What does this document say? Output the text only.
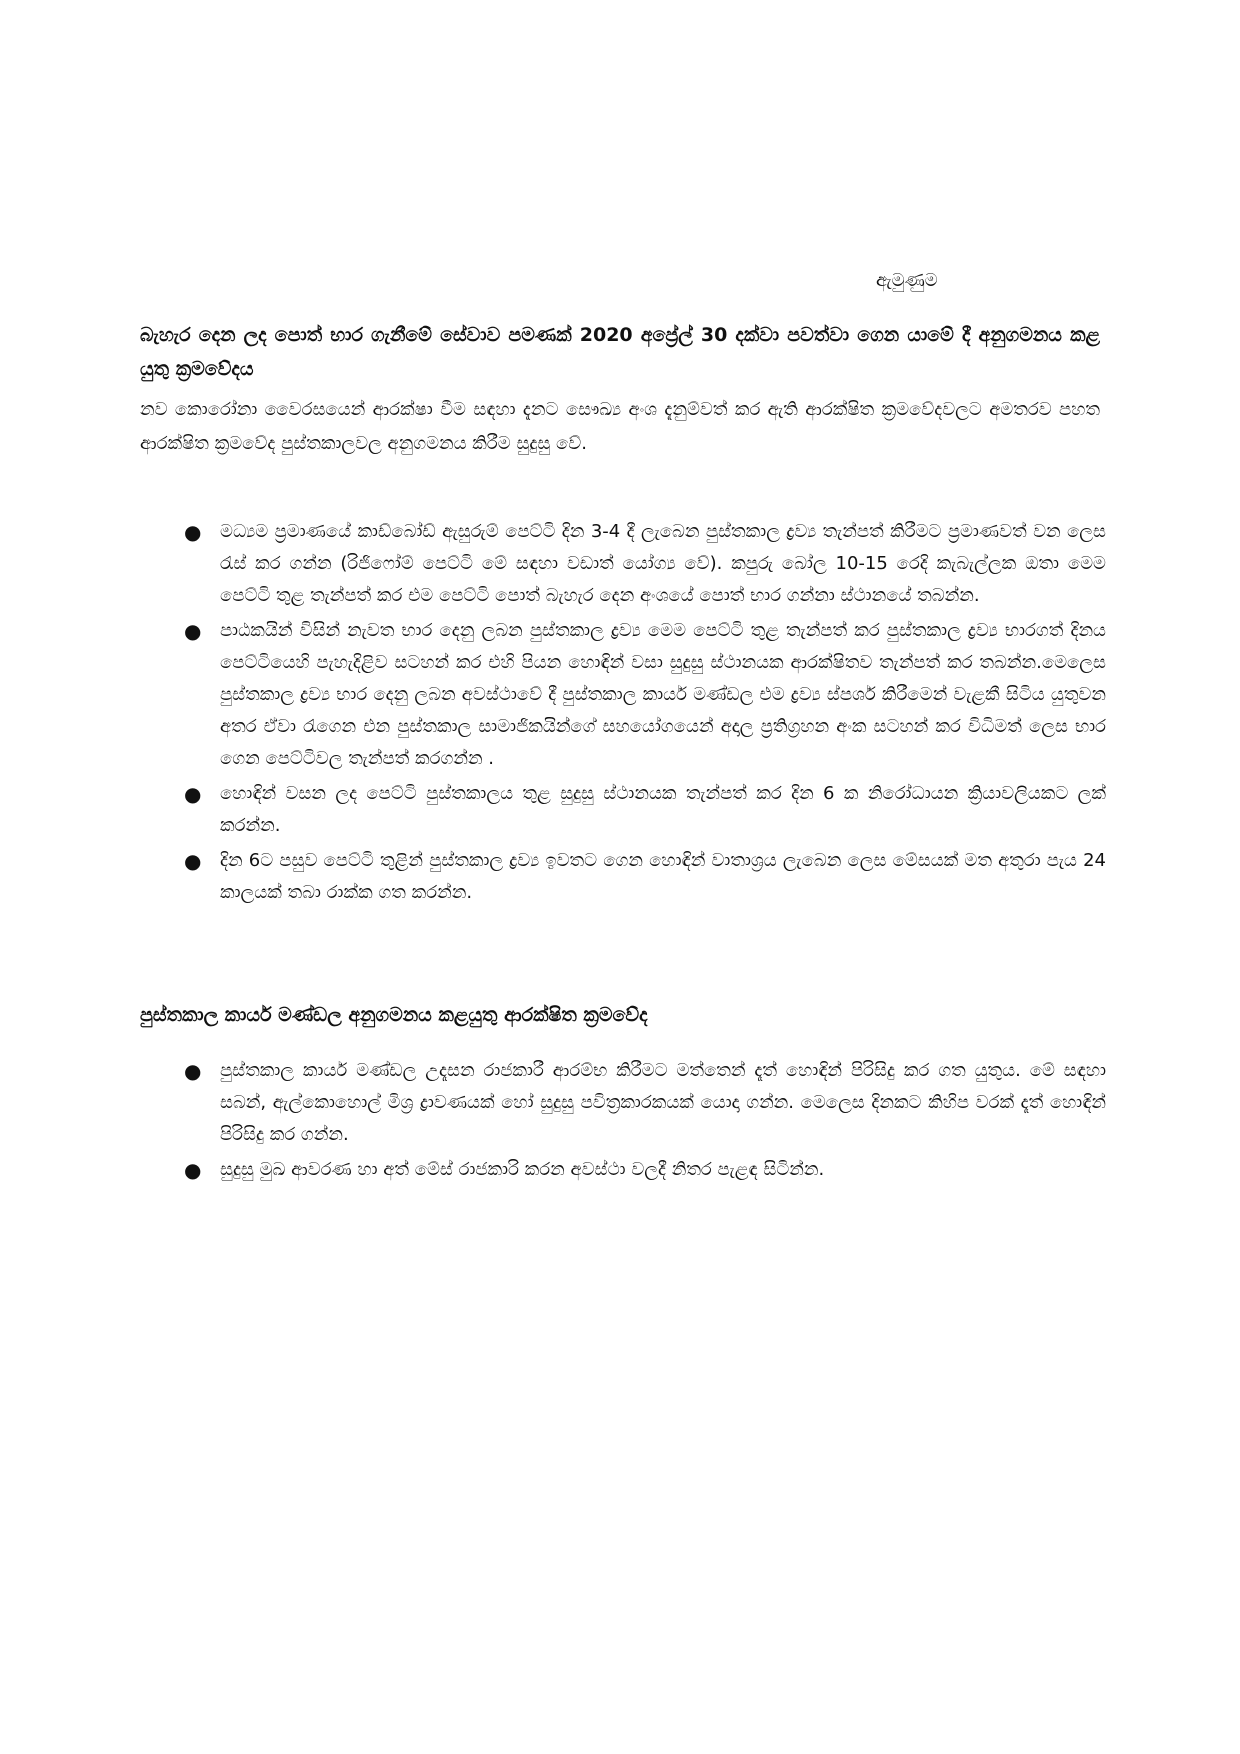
ඇමුණුම

බැහැර දෙන ලද පොත් භාර ගැනීමේ සේවාව පමණක් 2020 අප්‍රේල් 30 දක්වා පවත්වා ගෙන යාමේ දී අනුගමනය කළ යුතු ක්‍රමවේදය

නව කොරෝනා වෛරසයෙන් ආරක්ෂා වීම සඳහා දැනට සෞඛ්‍ය අංශ දැනුම්වත් කර ඇති ආරක්ෂිත ක්‍රමවේදවලට අමතරව පහත ආරක්ෂිත ක්‍රමවේද පුස්තකාලවල අනුගමනය කිරීම සුදුසු වේ.

● මධ්‍යම ප්‍රමාණයේ කාඩ්බෝඩ් ඇසුරුම් පෙට්ටි දින 3-4 දී ලැබෙන පුස්තකාල ද්‍රව්‍ය තැන්පත් කිරීමට ප්‍රමාණවත් වන ලෙස රැස් කර ගන්න (රිජිෆෝම් පෙට්ටි මේ සඳහා වඩාත් යෝග්‍ය වේ). කපුරු බෝල 10-15 රෙදි කැබැල්ලක ඔතා මෙම පෙට්ටි තුළ තැන්පත් කර එම පෙට්ටි පොත් බැහැර දෙන අංශයේ පොත් භාර ගන්නා ස්ථානයේ තබන්න.
● පාඨකයින් විසින් නැවත භාර දෙනු ලබන පුස්තකාල ද්‍රව්‍ය මෙම පෙට්ටි තුළ තැන්පත් කර පුස්තකාල ද්‍රව්‍ය භාරගත් දිනය පෙට්ටියෙහි පැහැදිළිව සටහන් කර එහි පියන හොඳින් වසා සුදුසු ස්ථානයක ආරක්ෂිතව තැන්පත් කර තබන්න.මෙලෙස පුස්තකාල ද්‍රව්‍ය භාර දෙනු ලබන අවස්ථාවේ දී පුස්තකාල කාර්ය මණ්ඩල එම ද්‍රව්‍ය ස්පර්ශ කිරීමෙන් වැළකී සිටිය යුතුවන අතර ඒවා රැගෙන එන පුස්තකාල සාමාජිකයින්ගේ සහයෝගයෙන් අදාල ප්‍රතිග්‍රහන අංක සටහන් කර විධිමත් ලෙස භාර ගෙන පෙට්ටිවල තැන්පත් කරගන්න .
● හොඳින් වසන ලද පෙට්ටි පුස්තකාලය තුළ සුදුසු ස්ථානයක තැන්පත් කර දින 6 ක නිරෝධායන ක්‍රියාවලියකට ලක් කරන්න.
● දින 6ට පසුව පෙට්ටි තුළින් පුස්තකාල ද්‍රව්‍ය ඉවතට ගෙන හොඳින් වාතාශ්‍රය ලැබෙන ලෙස මේසයක් මත අතුරා පැය 24 කාලයක් තබා රාක්ක ගත කරන්න.

පුස්තකාල කාර්ය මණ්ඩල අනුගමනය කළයුතු ආරක්ෂිත ක්‍රමවේද

● පුස්තකාල කාර්ය මණ්ඩල උදෑසන රාජකාරී ආරම්භ කිරීමට මත්තෙන් දෑත් හොඳින් පිරිසිදු කර ගත යුතුය. මේ සඳහා සබන්, ඇල්කොහොල් මිශ්‍ර ද්‍රාවණයක් හෝ සුදුසු පවිත්‍රකාරකයක් යොදා ගන්න. මෙලෙස දිනකට කිහිප වරක් දෑත් හොඳින් පිරිසිදු කර ගන්න.
● සුදුසු මුඛ ආවරණ හා අත් මේස් රාජකාරි කරන අවස්ථා වලදී නිතර පැළඳ සිටින්න.
